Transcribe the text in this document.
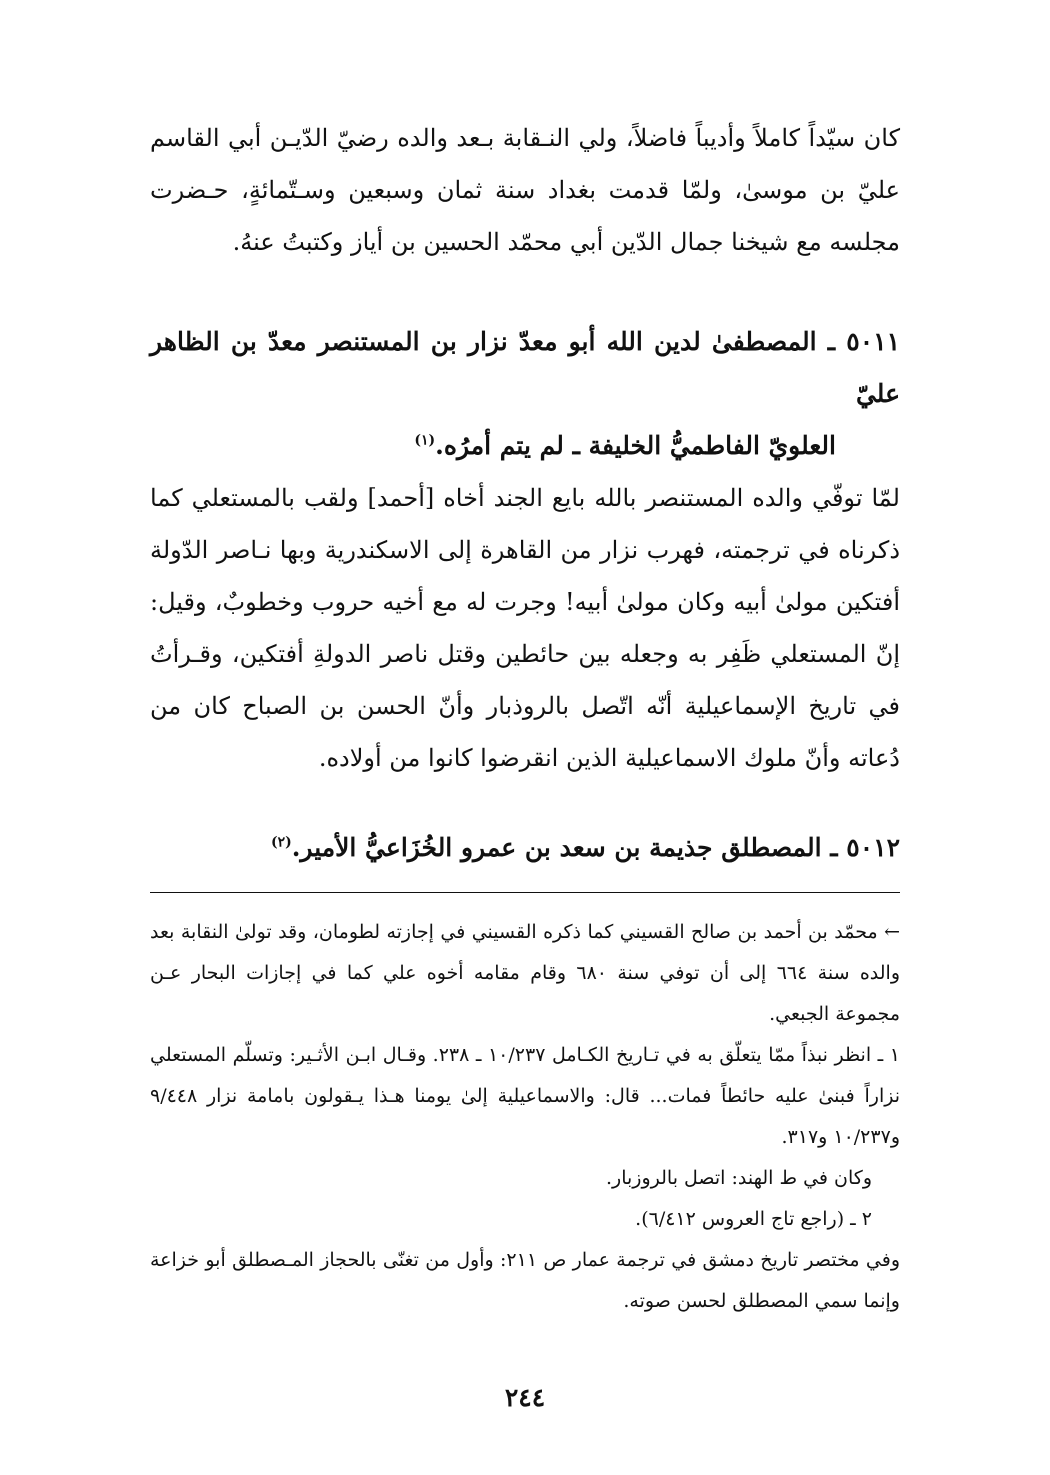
كان سيّداً كاملاً وأديباً فاضلاً، ولي النـقابة بـعد والده رضيّ الدّيـن أبي القاسم عليّ بن موسىٰ، ولمّا قدمت بغداد سنة ثمان وسبعين وسـتّمائةٍ، حـضرت مجلسه مع شيخنا جمال الدّين أبي محمّد الحسين بن أياز وكتبتُ عنهُ.

٥٠١١ ـ المصطفىٰ لدين الله أبو معدّ نزار بن المستنصر معدّ بن الظاهر عليّ
العلويّ الفاطميُّ الخليفة ـ لم يتم أمرُه.$^{(١)}$

لمّا توفّي والده المستنصر بالله بايع الجند أخاه [أحمد] ولقب بالمستعلي كما ذكرناه في ترجمته، فهرب نزار من القاهرة إلى الاسكندرية وبها نـاصر الدّولة أفتكين مولىٰ أبيه وكان مولىٰ أبيه! وجرت له مع أخيه حروب وخطوبٌ، وقيل: إنّ المستعلي ظَفِر به وجعله بين حائطين وقتل ناصر الدولةِ أفتكين، وقـرأتُ في تاريخ الإسماعيلية أنّه اتّصل بالروذبار وأنّ الحسن بن الصباح كان من دُعاته وأنّ ملوك الاسماعيلية الذين انقرضوا كانوا من أولاده.

٥٠١٢ ـ المصطلق جذيمة بن سعد بن عمرو الخُزَاعيُّ الأمير.$^{(٢)}$

← محمّد بن أحمد بن صالح القسيني كما ذكره القسيني في إجازته لطومان، وقد تولىٰ النقابة بعد والده سنة ٦٦٤ إلى أن توفي سنة ٦٨٠ وقام مقامه أخوه علي كما في إجازات البحار عـن مجموعة الجبعي.

١ ـ انظر نبذاً ممّا يتعلّق به في تـاريخ الكـامل ١٠/٢٣٧ ـ ٢٣٨. وقـال ابـن الأثـير: وتسلّم المستعلي نزاراً فبنىٰ عليه حائطاً فمات... قال: والاسماعيلية إلىٰ يومنا هـذا يـقولون بامامة نزار ٩/٤٤٨ و١٠/٢٣٧ و٣١٧.

وكان في ط الهند: اتصل بالروزبار.

٢ ـ (راجع تاج العروس ٦/٤١٢).

وفي مختصر تاريخ دمشق في ترجمة عمار ص ٢١١: وأول من تغنّى بالحجاز المـصطلق أبو خزاعة وإنما سمي المصطلق لحسن صوته.

٢٤٤
